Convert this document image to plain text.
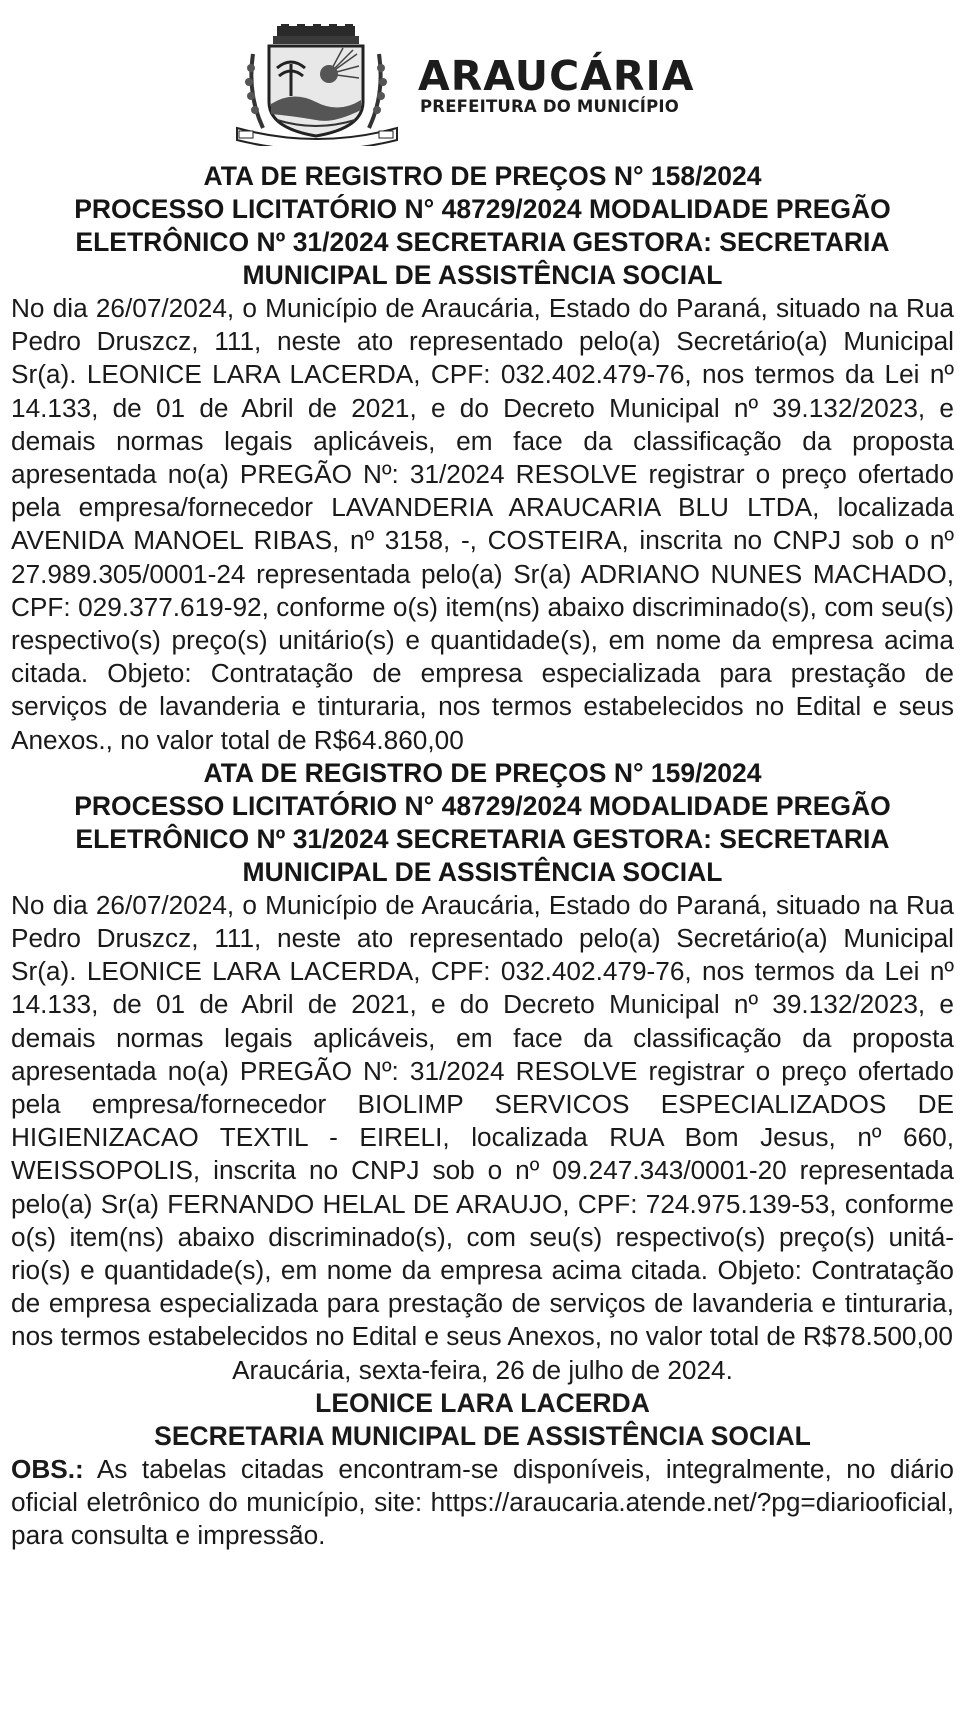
ARAUCÁRIA
PREFEITURA DO MUNICÍPIO

ATA DE REGISTRO DE PREÇOS N° 158/2024

PROCESSO LICITATÓRIO N° 48729/2024 MODALIDADE PREGÃO ELETRÔNICO Nº 31/2024 SECRETARIA GESTORA: SECRETARIA MUNICIPAL DE ASSISTÊNCIA SOCIAL

No dia 26/07/2024, o Município de Araucária, Estado do Paraná, situado na Rua Pedro Druszcz, 111, neste ato representado pelo(a) Secretário(a) Municipal Sr(a). LEONICE LARA LACERDA, CPF: 032.402.479-76, nos termos da Lei nº 14.133, de 01 de Abril de 2021, e do Decreto Municipal nº 39.132/2023, e demais normas legais aplicáveis, em face da classificação da proposta apresentada no(a) PREGÃO Nº: 31/2024 RESOLVE registrar o preço ofertado pela empresa/fornecedor LAVANDERIA ARAUCARIA BLU LTDA, localizada AVENIDA MANOEL RIBAS, nº 3158, -, COSTEIRA, inscrita no CNPJ sob o nº 27.989.305/0001-24 representada pelo(a) Sr(a) ADRIANO NUNES MACHADO, CPF: 029.377.619-92, conforme o(s) item(ns) abaixo discriminado(s), com seu(s) respectivo(s) preço(s) unitário(s) e quantidade(s), em nome da empresa acima citada. Objeto: Contratação de empresa especializada para prestação de serviços de lavanderia e tinturaria, nos termos estabelecidos no Edital e seus Anexos., no valor total de R$64.860,00

ATA DE REGISTRO DE PREÇOS N° 159/2024

PROCESSO LICITATÓRIO N° 48729/2024 MODALIDADE PREGÃO ELETRÔNICO Nº 31/2024 SECRETARIA GESTORA: SECRETARIA MUNICIPAL DE ASSISTÊNCIA SOCIAL

No dia 26/07/2024, o Município de Araucária, Estado do Paraná, situado na Rua Pedro Druszcz, 111, neste ato representado pelo(a) Secretário(a) Municipal Sr(a). LEONICE LARA LACERDA, CPF: 032.402.479-76, nos termos da Lei nº 14.133, de 01 de Abril de 2021, e do Decreto Municipal nº 39.132/2023, e demais normas legais aplicáveis, em face da classificação da proposta apresentada no(a) PREGÃO Nº: 31/2024 RESOLVE registrar o preço ofertado pela empresa/fornecedor BIOLIMP SERVICOS ESPECIALIZADOS DE HIGIENIZACAO TEXTIL - EIRELI, localizada RUA Bom Jesus, nº 660, WEISSOPOLIS, inscrita no CNPJ sob o nº 09.247.343/0001-20 representada pelo(a) Sr(a) FERNANDO HELAL DE ARAUJO, CPF: 724.975.139-53, conforme o(s) item(ns) abaixo discriminado(s), com seu(s) respectivo(s) preço(s) unitário(s) e quantidade(s), em nome da empresa acima citada. Objeto: Contratação de empresa especializada para prestação de serviços de lavanderia e tinturaria, nos termos estabelecidos no Edital e seus Anexos, no valor total de R$78.500,00

Araucária, sexta-feira, 26 de julho de 2024.

LEONICE LARA LACERDA

SECRETARIA MUNICIPAL DE ASSISTÊNCIA SOCIAL

OBS.: As tabelas citadas encontram-se disponíveis, integralmente, no diário oficial eletrônico do município, site: https://araucaria.atende.net/?pg=diariooficial, para consulta e impressão.
